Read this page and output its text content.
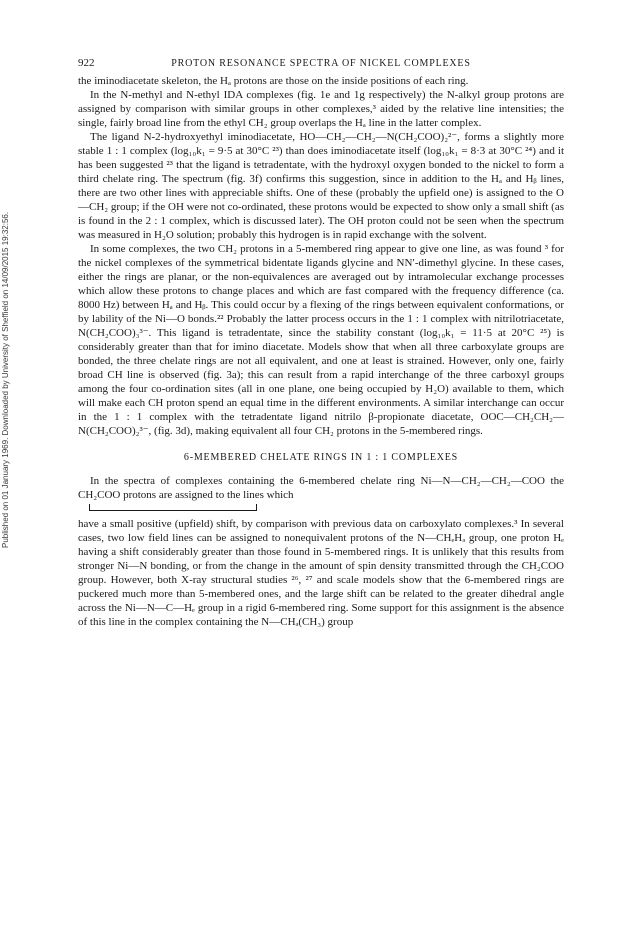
Published on 01 January 1969. Downloaded by University of Sheffield on 14/09/2015 19:32:56.
922	PROTON RESONANCE SPECTRA OF NICKEL COMPLEXES

the iminodiacetate skeleton, the Hₐ protons are those on the inside positions of each ring.

In the N-methyl and N-ethyl IDA complexes (fig. 1e and 1g respectively) the N-alkyl group protons are assigned by comparison with similar groups in other complexes,³ aided by the relative line intensities; the single, fairly broad line from the ethyl CH₂ group overlaps the Hₐ line in the latter complex.

The ligand N-2-hydroxyethyl iminodiacetate, HO—CH₂—CH₂—N(CH₂COO)₂²⁻, forms a slightly more stable 1 : 1 complex (log₁₀k₁ = 9·5 at 30°C ²³) than does iminodiacetate itself (log₁₀k₁ = 8·3 at 30°C ²⁴) and it has been suggested ²³ that the ligand is tetradentate, with the hydroxyl oxygen bonded to the nickel to form a third chelate ring. The spectrum (fig. 3f) confirms this suggestion, since in addition to the Hₐ and Hᵦ lines, there are two other lines with appreciable shifts. One of these (probably the upfield one) is assigned to the O—CH₂ group; if the OH were not co-ordinated, these protons would be expected to show only a small shift (as is found in the 2 : 1 complex, which is discussed later). The OH proton could not be seen when the spectrum was measured in H₂O solution; probably this hydrogen is in rapid exchange with the solvent.

In some complexes, the two CH₂ protons in a 5-membered ring appear to give one line, as was found ³ for the nickel complexes of the symmetrical bidentate ligands glycine and NN′-dimethyl glycine. In these cases, either the rings are planar, or the non-equivalences are averaged out by intramolecular exchange processes which allow these protons to change places and which are fast compared with the frequency difference (ca. 8000 Hz) between Hₐ and Hᵦ. This could occur by a flexing of the rings between equivalent conformations, or by lability of the Ni—O bonds.²² Probably the latter process occurs in the 1 : 1 complex with nitrilotriacetate, N(CH₂COO)₃³⁻. This ligand is tetradentate, since the stability constant (log₁₀k₁ = 11·5 at 20°C ²⁵) is considerably greater than that for imino diacetate. Models show that when all three carboxylate groups are bonded, the three chelate rings are not all equivalent, and one at least is strained. However, only one, fairly broad CH line is observed (fig. 3a); this can result from a rapid interchange of the three carboxyl groups among the four co-ordination sites (all in one plane, one being occupied by H₂O) available to them, which will make each CH proton spend an equal time in the different environments. A similar interchange can occur in the 1 : 1 complex with the tetradentate ligand nitrilo β-propionate diacetate, OOC—CH₂CH₂—N(CH₂COO)₂³⁻, (fig. 3d), making equivalent all four CH₂ protons in the 5-membered rings.

6-MEMBERED CHELATE RINGS IN 1 : 1 COMPLEXES

In the spectra of complexes containing the 6-membered chelate ring Ni—N—CH₂—CH₂—COO the CH₂COO protons are assigned to the lines which

have a small positive (upfield) shift, by comparison with previous data on carboxylato complexes.³ In several cases, two low field lines can be assigned to nonequivalent protons of the N—CHₑHₔ group, one proton Hₑ having a shift considerably greater than those found in 5-membered rings. It is unlikely that this results from stronger Ni—N bonding, or from the change in the amount of spin density transmitted through the CH₂COO group. However, both X-ray structural studies ²⁶, ²⁷ and scale models show that the 6-membered rings are puckered much more than 5-membered ones, and the large shift can be related to the greater dihedral angle across the Ni—N—C—Hₑ group in a rigid 6-membered ring. Some support for this assignment is the absence of this line in the complex containing the N—CHₔ(CH₃) group
